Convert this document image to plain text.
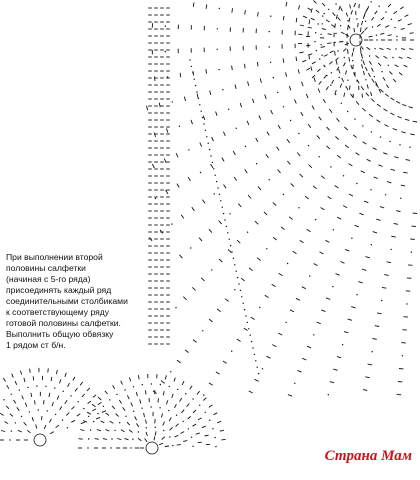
При выполнении второй
половины салфетки
(начиная с 5-го ряда)
присоединять каждый ряд
соединительными столбиками
к соответствующему ряду
готовой половины салфетки.
Выполнить общую обвязку
1 рядом ст б/н.
Страна Мам
